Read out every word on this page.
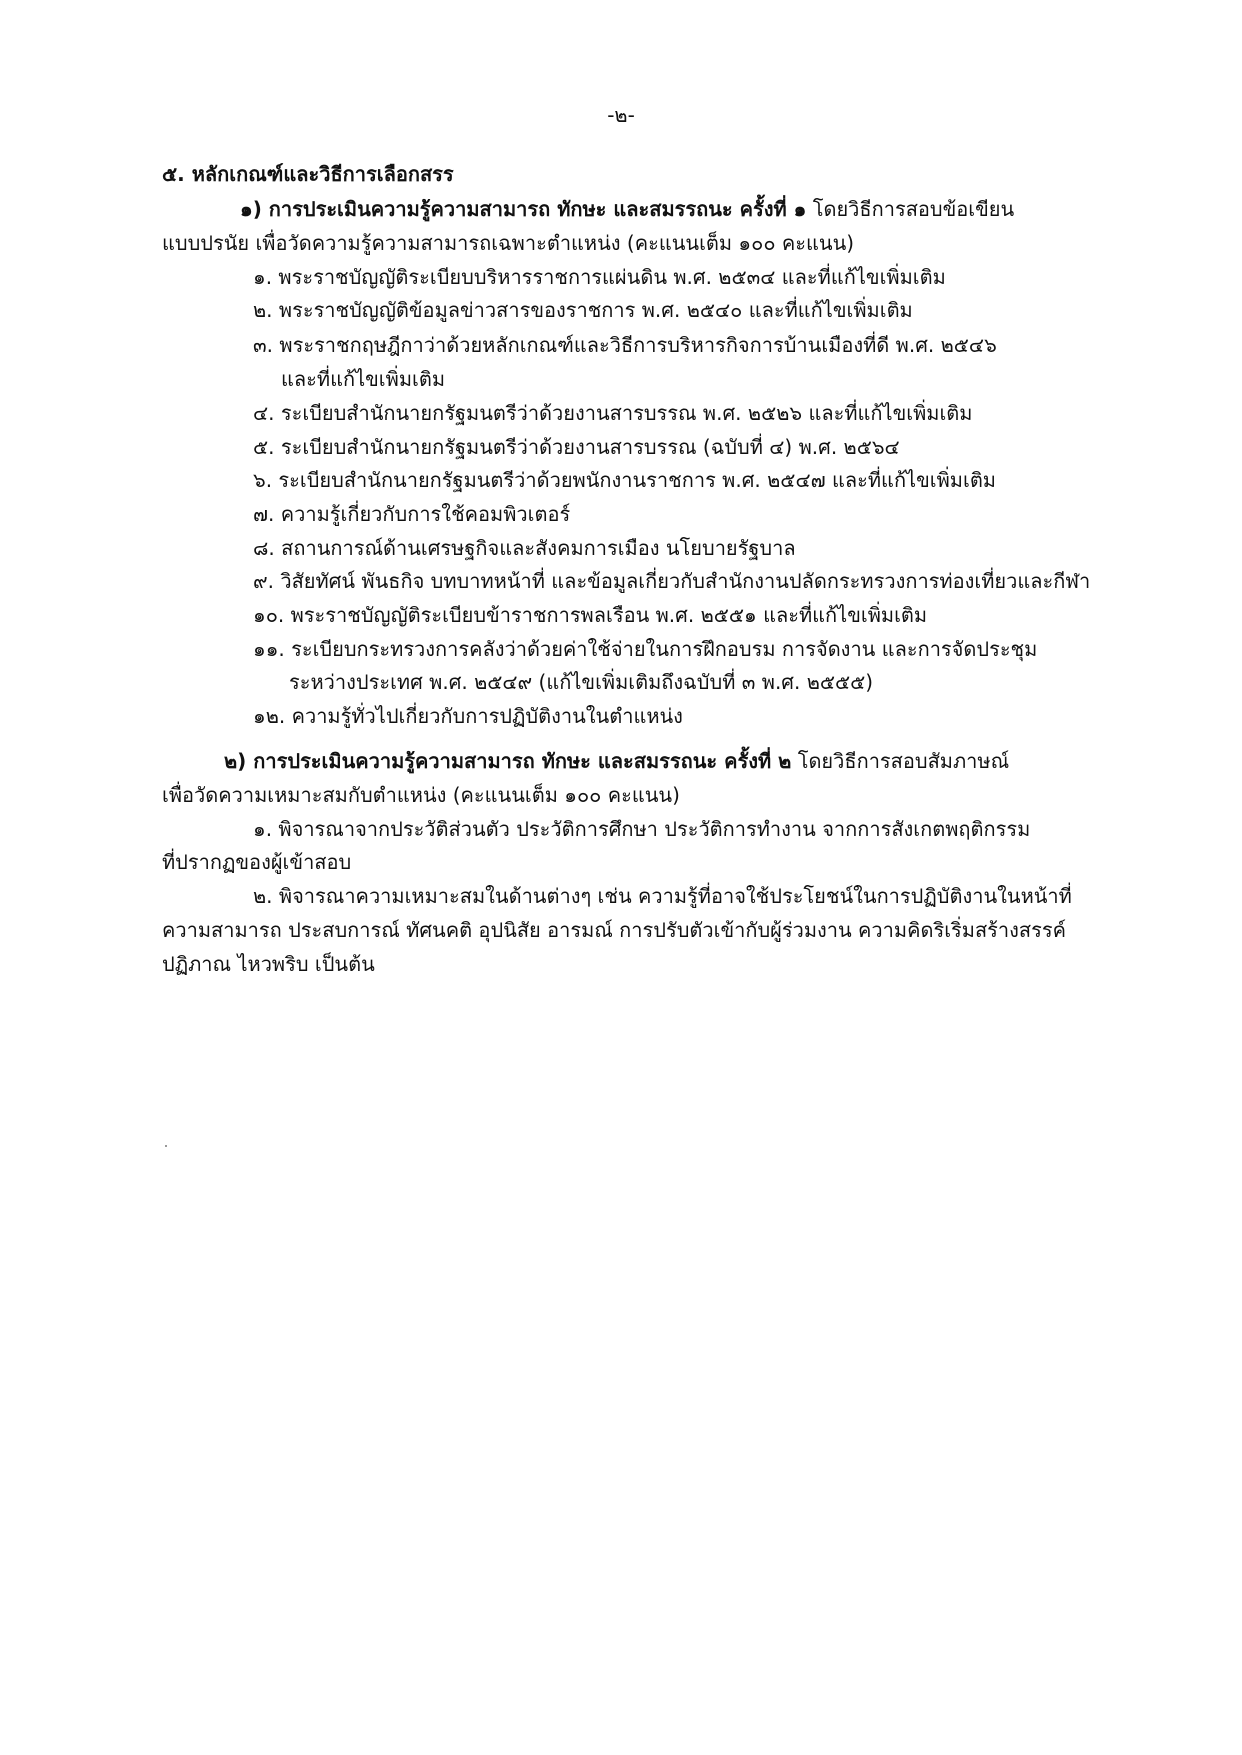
-๒-
๕. หลักเกณฑ์และวิธีการเลือกสรร
๑) การประเมินความรู้ความสามารถ ทักษะ และสมรรถนะ ครั้งที่ ๑ โดยวิธีการสอบข้อเขียน
แบบปรนัย เพื่อวัดความรู้ความสามารถเฉพาะตำแหน่ง (คะแนนเต็ม ๑๐๐ คะแนน)
๑. พระราชบัญญัติระเบียบบริหารราชการแผ่นดิน พ.ศ. ๒๕๓๔ และที่แก้ไขเพิ่มเติม
๒. พระราชบัญญัติข้อมูลข่าวสารของราชการ พ.ศ. ๒๕๔๐ และที่แก้ไขเพิ่มเติม
๓. พระราชกฤษฎีกาว่าด้วยหลักเกณฑ์และวิธีการบริหารกิจการบ้านเมืองที่ดี พ.ศ. ๒๕๔๖
และที่แก้ไขเพิ่มเติม
๔. ระเบียบสำนักนายกรัฐมนตรีว่าด้วยงานสารบรรณ พ.ศ. ๒๕๒๖ และที่แก้ไขเพิ่มเติม
๕. ระเบียบสำนักนายกรัฐมนตรีว่าด้วยงานสารบรรณ (ฉบับที่ ๔) พ.ศ. ๒๕๖๔
๖. ระเบียบสำนักนายกรัฐมนตรีว่าด้วยพนักงานราชการ พ.ศ. ๒๕๔๗ และที่แก้ไขเพิ่มเติม
๗. ความรู้เกี่ยวกับการใช้คอมพิวเตอร์
๘. สถานการณ์ด้านเศรษฐกิจและสังคมการเมือง นโยบายรัฐบาล
๙. วิสัยทัศน์ พันธกิจ บทบาทหน้าที่ และข้อมูลเกี่ยวกับสำนักงานปลัดกระทรวงการท่องเที่ยวและกีฬา
๑๐. พระราชบัญญัติระเบียบข้าราชการพลเรือน พ.ศ. ๒๕๕๑ และที่แก้ไขเพิ่มเติม
๑๑. ระเบียบกระทรวงการคลังว่าด้วยค่าใช้จ่ายในการฝึกอบรม การจัดงาน และการจัดประชุม
ระหว่างประเทศ พ.ศ. ๒๕๔๙ (แก้ไขเพิ่มเติมถึงฉบับที่ ๓ พ.ศ. ๒๕๕๕)
๑๒. ความรู้ทั่วไปเกี่ยวกับการปฏิบัติงานในตำแหน่ง
๒) การประเมินความรู้ความสามารถ ทักษะ และสมรรถนะ ครั้งที่ ๒ โดยวิธีการสอบสัมภาษณ์
เพื่อวัดความเหมาะสมกับตำแหน่ง (คะแนนเต็ม ๑๐๐ คะแนน)
๑. พิจารณาจากประวัติส่วนตัว ประวัติการศึกษา ประวัติการทำงาน จากการสังเกตพฤติกรรม
ที่ปรากฏของผู้เข้าสอบ
๒. พิจารณาความเหมาะสมในด้านต่างๆ เช่น ความรู้ที่อาจใช้ประโยชน์ในการปฏิบัติงานในหน้าที่
ความสามารถ ประสบการณ์ ทัศนคติ อุปนิสัย อารมณ์ การปรับตัวเข้ากับผู้ร่วมงาน ความคิดริเริ่มสร้างสรรค์
ปฏิภาณ ไหวพริบ เป็นต้น
